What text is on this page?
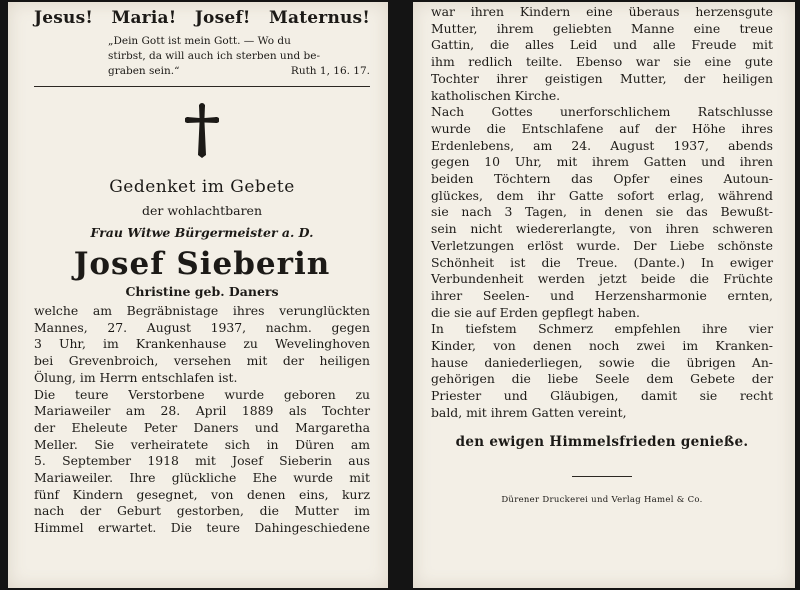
Jesus! Maria! Josef! Maternus!
„Dein Gott ist mein Gott. — Wo du
stirbst, da will auch ich sterben und be-
graben sein.“	Ruth 1, 16. 17.
Gedenket im Gebete
der wohlachtbaren
Frau Witwe Bürgermeister a. D.
Josef Sieberin
Christine geb. Daners

welche am Begräbnistage ihres verunglückten

Mannes, 27. August 1937, nachm. gegen

3 Uhr, im Krankenhause zu Wevelinghoven

bei Grevenbroich, versehen mit der heiligen

Ölung, im Herrn entschlafen ist.

Die teure Verstorbene wurde geboren zu

Mariaweiler am 28. April 1889 als Tochter

der Eheleute Peter Daners und Margaretha

Meller. Sie verheiratete sich in Düren am

5. September 1918 mit Josef Sieberin aus

Mariaweiler. Ihre glückliche Ehe wurde mit

fünf Kindern gesegnet, von denen eins, kurz

nach der Geburt gestorben, die Mutter im

Himmel erwartet. Die teure Dahingeschiedene

war ihren Kindern eine überaus herzensgute

Mutter, ihrem geliebten Manne eine treue

Gattin, die alles Leid und alle Freude mit

ihm redlich teilte. Ebenso war sie eine gute

Tochter ihrer geistigen Mutter, der heiligen

katholischen Kirche.

Nach Gottes unerforschlichem Ratschlusse

wurde die Entschlafene auf der Höhe ihres

Erdenlebens, am 24. August 1937, abends

gegen 10 Uhr, mit ihrem Gatten und ihren

beiden Töchtern das Opfer eines Autoun-

glückes, dem ihr Gatte sofort erlag, während

sie nach 3 Tagen, in denen sie das Bewußt-

sein nicht wiedererlangte, von ihren schweren

Verletzungen erlöst wurde. Der Liebe schönste

Schönheit ist die Treue. (Dante.) In ewiger

Verbundenheit werden jetzt beide die Früchte

ihrer Seelen- und Herzensharmonie ernten,

die sie auf Erden gepflegt haben.

In tiefstem Schmerz empfehlen ihre vier

Kinder, von denen noch zwei im Kranken-

hause daniederliegen, sowie die übrigen An-

gehörigen die liebe Seele dem Gebete der

Priester und Gläubigen, damit sie recht

bald, mit ihrem Gatten vereint,

den ewigen Himmelsfrieden genieße.
Dürener Druckerei und Verlag Hamel & Co.
